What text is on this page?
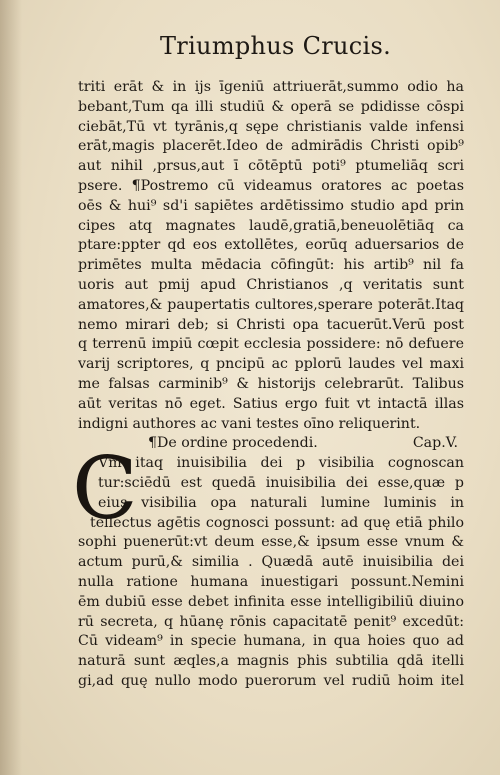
Triumphus Crucis.
triti erāt & in ijs īgeniū attriuerāt,summo odio ha
bebant,Tum qa illi studiū & operā se pdidisse cōspi
ciebāt,Tū vt tyrānis,q sępe christianis valde infensi
erāt,magis placerēt.Ideo de admirādis Christi opib⁹
aut nihil ,prsus,aut ī cōtēptū poti⁹ ptumeliāq scri
psere. ¶Postremo cū videamus oratores ac poetas
oēs & hui⁹ sd'i sapiētes ardētissimo studio apd prin
cipes atq magnates laudē,gratiā,beneuolētiāq ca
ptare:ppter qd eos extollētes, eorūq aduersarios de
primētes multa mēdacia cōfingūt: his artib⁹ nil fa
uoris aut pmij apud Christianos ,q veritatis sunt
amatores,& paupertatis cultores,sperare poterāt.Itaq
nemo mirari deb; si Christi opa tacuerūt.Verū post
q terrenū impiū cœpit ecclesia possidere: nō defuere
varij scriptores, q pncipū ac pplorū laudes vel maxi
me falsas carminib⁹ & historijs celebrarūt. Talibus
aūt veritas nō eget. Satius ergo fuit vt intactā illas
indigni authores ac vani testes oīno reliquerint.
¶De ordine procedendi.	Cap.V.
C
Vm itaq inuisibilia dei p visibilia cognoscan
tur:sciēdū est quedā inuisibilia dei esse,quæ p
eius visibilia opa naturali lumine luminis in
tellectus agētis cognosci possunt: ad quę etiā philo
sophi puenerūt:vt deum esse,& ipsum esse vnum &
actum purū,& similia . Quædā autē inuisibilia dei
nulla ratione humana inuestigari possunt.Nemini
ēm dubiū esse debet infinita esse intelligibiliū diuino
rū secreta, q hūanę rōnis capacitatē penit⁹ excedūt:
Cū videam⁹ in specie humana, in qua hoies quo ad
naturā sunt æqles,a magnis phis subtilia qdā itelli
gi,ad quę nullo modo puerorum vel rudiū hoim itel
